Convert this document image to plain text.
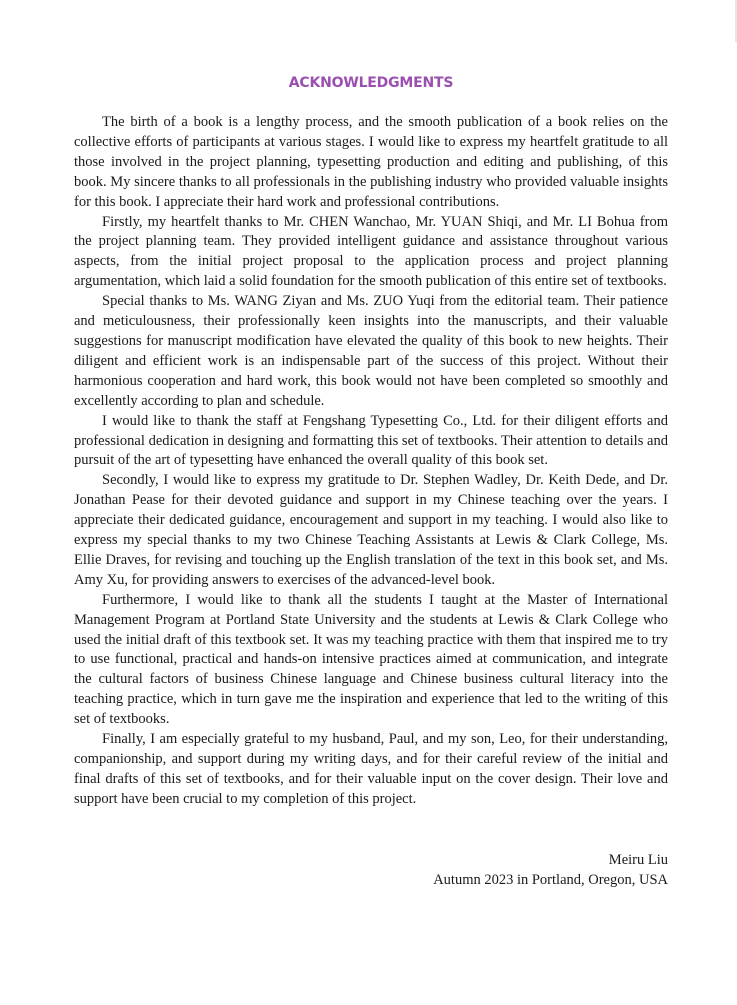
ACKNOWLEDGMENTS

The birth of a book is a lengthy process, and the smooth publication of a book relies on the collective efforts of participants at various stages. I would like to express my heartfelt gratitude to all those involved in the project planning, typesetting production and editing and publishing, of this book. My sincere thanks to all professionals in the publishing industry who provided valuable insights for this book. I appreciate their hard work and professional contributions.

Firstly, my heartfelt thanks to Mr. CHEN Wanchao, Mr. YUAN Shiqi, and Mr. LI Bohua from the project planning team. They provided intelligent guidance and assistance throughout various aspects, from the initial project proposal to the application process and project planning argumentation, which laid a solid foundation for the smooth publication of this entire set of textbooks.

Special thanks to Ms. WANG Ziyan and Ms. ZUO Yuqi from the editorial team. Their patience and meticulousness, their professionally keen insights into the manuscripts, and their valuable suggestions for manuscript modification have elevated the quality of this book to new heights. Their diligent and efficient work is an indispensable part of the success of this project. Without their harmonious cooperation and hard work, this book would not have been completed so smoothly and excellently according to plan and schedule.

I would like to thank the staff at Fengshang Typesetting Co., Ltd. for their diligent efforts and professional dedication in designing and formatting this set of textbooks. Their attention to details and pursuit of the art of typesetting have enhanced the overall quality of this book set.

Secondly, I would like to express my gratitude to Dr. Stephen Wadley, Dr. Keith Dede, and Dr. Jonathan Pease for their devoted guidance and support in my Chinese teaching over the years. I appreciate their dedicated guidance, encouragement and support in my teaching. I would also like to express my special thanks to my two Chinese Teaching Assistants at Lewis & Clark College, Ms. Ellie Draves, for revising and touching up the English translation of the text in this book set, and Ms. Amy Xu, for providing answers to exercises of the advanced-level book.

Furthermore, I would like to thank all the students I taught at the Master of International Management Program at Portland State University and the students at Lewis & Clark College who used the initial draft of this textbook set. It was my teaching practice with them that inspired me to try to use functional, practical and hands-on intensive practices aimed at communication, and integrate the cultural factors of business Chinese language and Chinese business cultural literacy into the teaching practice, which in turn gave me the inspiration and experience that led to the writing of this set of textbooks.

Finally, I am especially grateful to my husband, Paul, and my son, Leo, for their understanding, companionship, and support during my writing days, and for their careful review of the initial and final drafts of this set of textbooks, and for their valuable input on the cover design. Their love and support have been crucial to my completion of this project.

Meiru Liu
Autumn 2023 in Portland, Oregon, USA
